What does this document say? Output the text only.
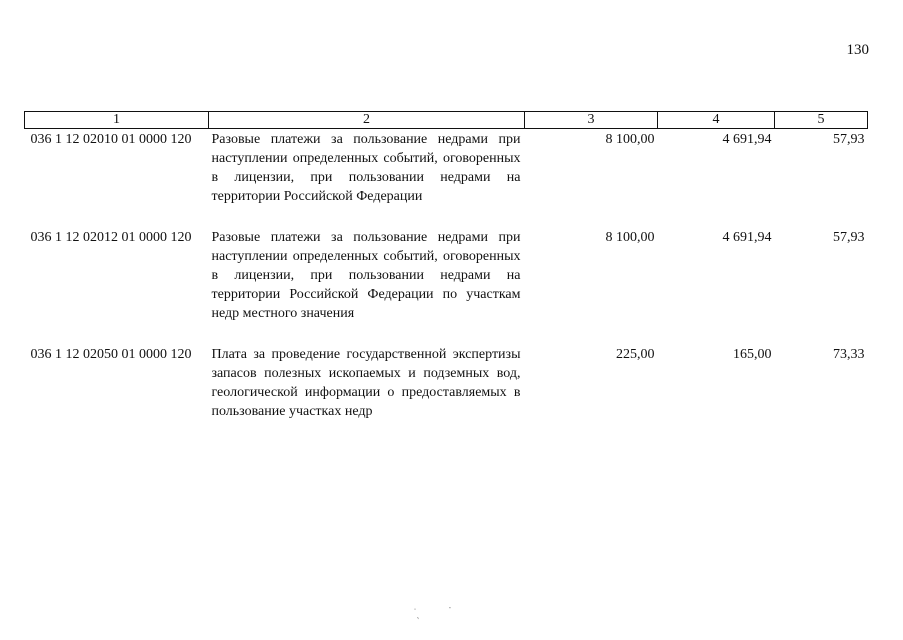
130
1	2	3	4	5
036 1 12 02010 01 0000 120	Разовые платежи за пользование недрами при наступлении определенных событий, оговоренных в лицензии, при пользовании недрами на территории Российской Федерации	8 100,00	4 691,94	57,93
036 1 12 02012 01 0000 120	Разовые платежи за пользование недрами при наступлении определенных событий, оговоренных в лицензии, при пользовании недрами на территории Российской Федерации по участкам недр местного значения	8 100,00	4 691,94	57,93
036 1 12 02050 01 0000 120	Плата за проведение государственной экспертизы запасов полезных ископаемых и подземных вод, геологической информации о предоставляемых в пользование участках недр	225,00	165,00	73,33
˙ ˎ ·
